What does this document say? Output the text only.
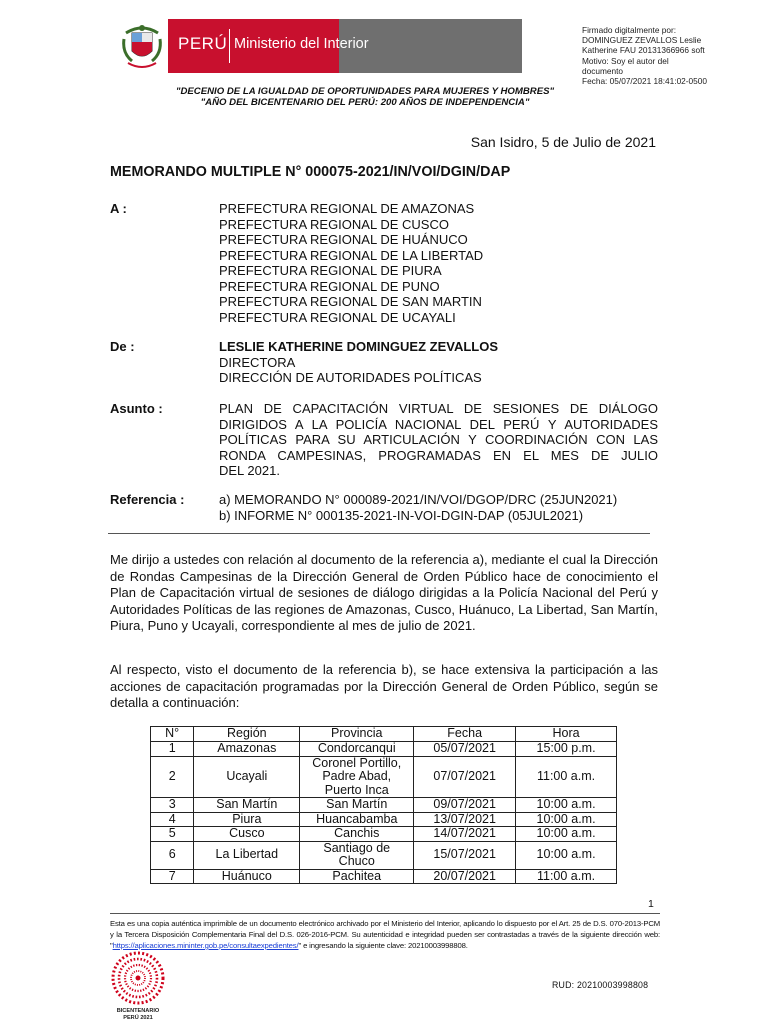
PERÚ Ministerio del Interior
Firmado digitalmente por:
DOMINGUEZ ZEVALLOS Leslie
Katherine FAU 20131366966 soft
Motivo: Soy el autor del
documento
Fecha: 05/07/2021 18:41:02-0500
"DECENIO DE LA IGUALDAD DE OPORTUNIDADES PARA MUJERES Y HOMBRES"
"AÑO DEL BICENTENARIO DEL PERÚ: 200 AÑOS DE INDEPENDENCIA"
San Isidro, 5 de Julio de 2021
MEMORANDO MULTIPLE N° 000075-2021/IN/VOI/DGIN/DAP
A :	PREFECTURA REGIONAL DE AMAZONAS
PREFECTURA REGIONAL DE CUSCO
PREFECTURA REGIONAL DE HUÁNUCO
PREFECTURA REGIONAL DE LA LIBERTAD
PREFECTURA REGIONAL DE PIURA
PREFECTURA REGIONAL DE PUNO
PREFECTURA REGIONAL DE SAN MARTIN
PREFECTURA REGIONAL DE UCAYALI
De :	LESLIE KATHERINE DOMINGUEZ ZEVALLOS
DIRECTORA
DIRECCIÓN DE AUTORIDADES POLÍTICAS
Asunto :	PLAN DE CAPACITACIÓN VIRTUAL DE SESIONES DE DIÁLOGO
DIRIGIDOS A LA POLICÍA NACIONAL DEL PERÚ Y AUTORIDADES
POLÍTICAS PARA SU ARTICULACIÓN Y COORDINACIÓN CON LAS
RONDA CAMPESINAS, PROGRAMADAS EN EL MES DE JULIO
DEL 2021.
Referencia :	a) MEMORANDO N° 000089-2021/IN/VOI/DGOP/DRC (25JUN2021)
b) INFORME N° 000135-2021-IN-VOI-DGIN-DAP (05JUL2021)
Me dirijo a ustedes con relación al documento de la referencia a), mediante el cual la Dirección de Rondas Campesinas de la Dirección General de Orden Público hace de conocimiento el Plan de Capacitación virtual de sesiones de diálogo dirigidas a la Policía Nacional del Perú y Autoridades Políticas de las regiones de Amazonas, Cusco, Huánuco, La Libertad, San Martín, Piura, Puno y Ucayali, correspondiente al mes de julio de 2021.
Al respecto, visto el documento de la referencia b), se hace extensiva la participación a las acciones de capacitación programadas por la Dirección General de Orden Público, según se detalla a continuación:
N°	Región	Provincia	Fecha	Hora
1	Amazonas	Condorcanqui	05/07/2021	15:00 p.m.
2	Ucayali	Coronel Portillo, Padre Abad, Puerto Inca	07/07/2021	11:00 a.m.
3	San Martín	San Martín	09/07/2021	10:00 a.m.
4	Piura	Huancabamba	13/07/2021	10:00 a.m.
5	Cusco	Canchis	14/07/2021	10:00 a.m.
6	La Libertad	Santiago de Chuco	15/07/2021	10:00 a.m.
7	Huánuco	Pachitea	20/07/2021	11:00 a.m.
1
Esta es una copia auténtica imprimible de un documento electrónico archivado por el Ministerio del Interior, aplicando lo dispuesto por el Art. 25 de D.S. 070-2013-PCM y la Tercera Disposición Complementaria Final del D.S. 026-2016-PCM. Su autenticidad e integridad pueden ser contrastadas a través de la siguiente dirección web: "https://aplicaciones.mininter.gob.pe/consultaexpedientes/" e ingresando la siguiente clave: 20210003998808.
BICENTENARIO
PERÚ 2021
RUD: 20210003998808
